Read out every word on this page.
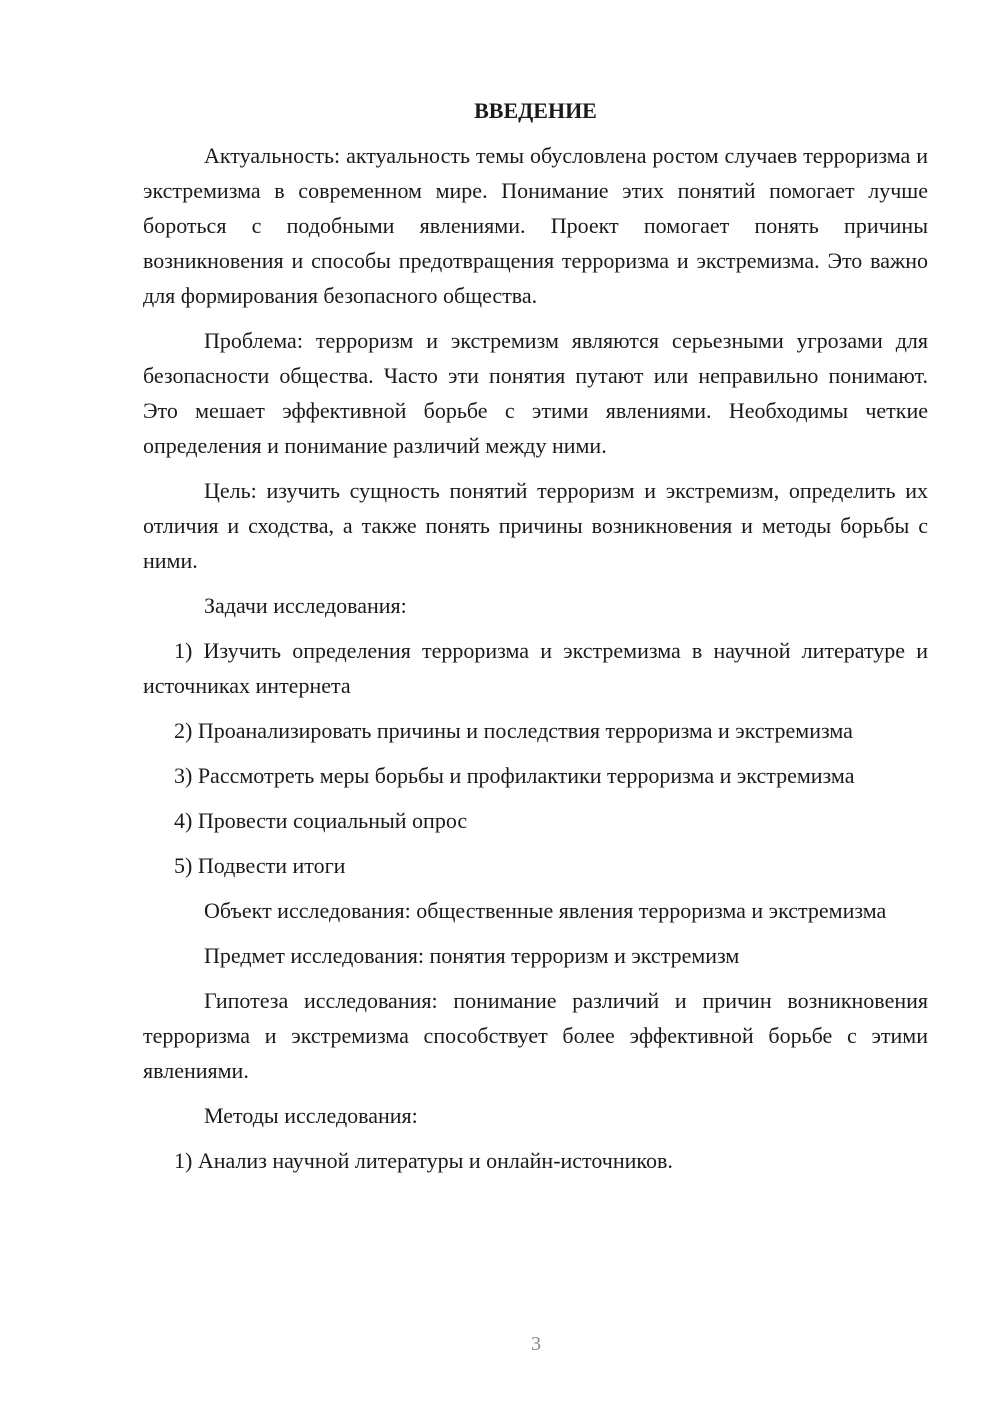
ВВЕДЕНИЕ

Актуальность: актуальность темы обусловлена ростом случаев терроризма и экстремизма в современном мире. Понимание этих понятий помогает лучше бороться с подобными явлениями. Проект помогает понять причины возникновения и способы предотвращения терроризма и экстремизма. Это важно для формирования безопасного общества.

Проблема: терроризм и экстремизм являются серьезными угрозами для безопасности общества. Часто эти понятия путают или неправильно понимают. Это мешает эффективной борьбе с этими явлениями. Необходимы четкие определения и понимание различий между ними.

Цель: изучить сущность понятий терроризм и экстремизм, определить их отличия и сходства, а также понять причины возникновения и методы борьбы с ними.

Задачи исследования:

1) Изучить определения терроризма и экстремизма в научной литературе и источниках интернета

2) Проанализировать причины и последствия терроризма и экстремизма

3) Рассмотреть меры борьбы и профилактики терроризма и экстремизма

4) Провести социальный опрос

5) Подвести итоги

Объект исследования: общественные явления терроризма и экстремизма

Предмет исследования: понятия терроризм и экстремизм

Гипотеза исследования: понимание различий и причин возникновения терроризма и экстремизма способствует более эффективной борьбе с этими явлениями.

Методы исследования:

1) Анализ научной литературы и онлайн-источников.

3
